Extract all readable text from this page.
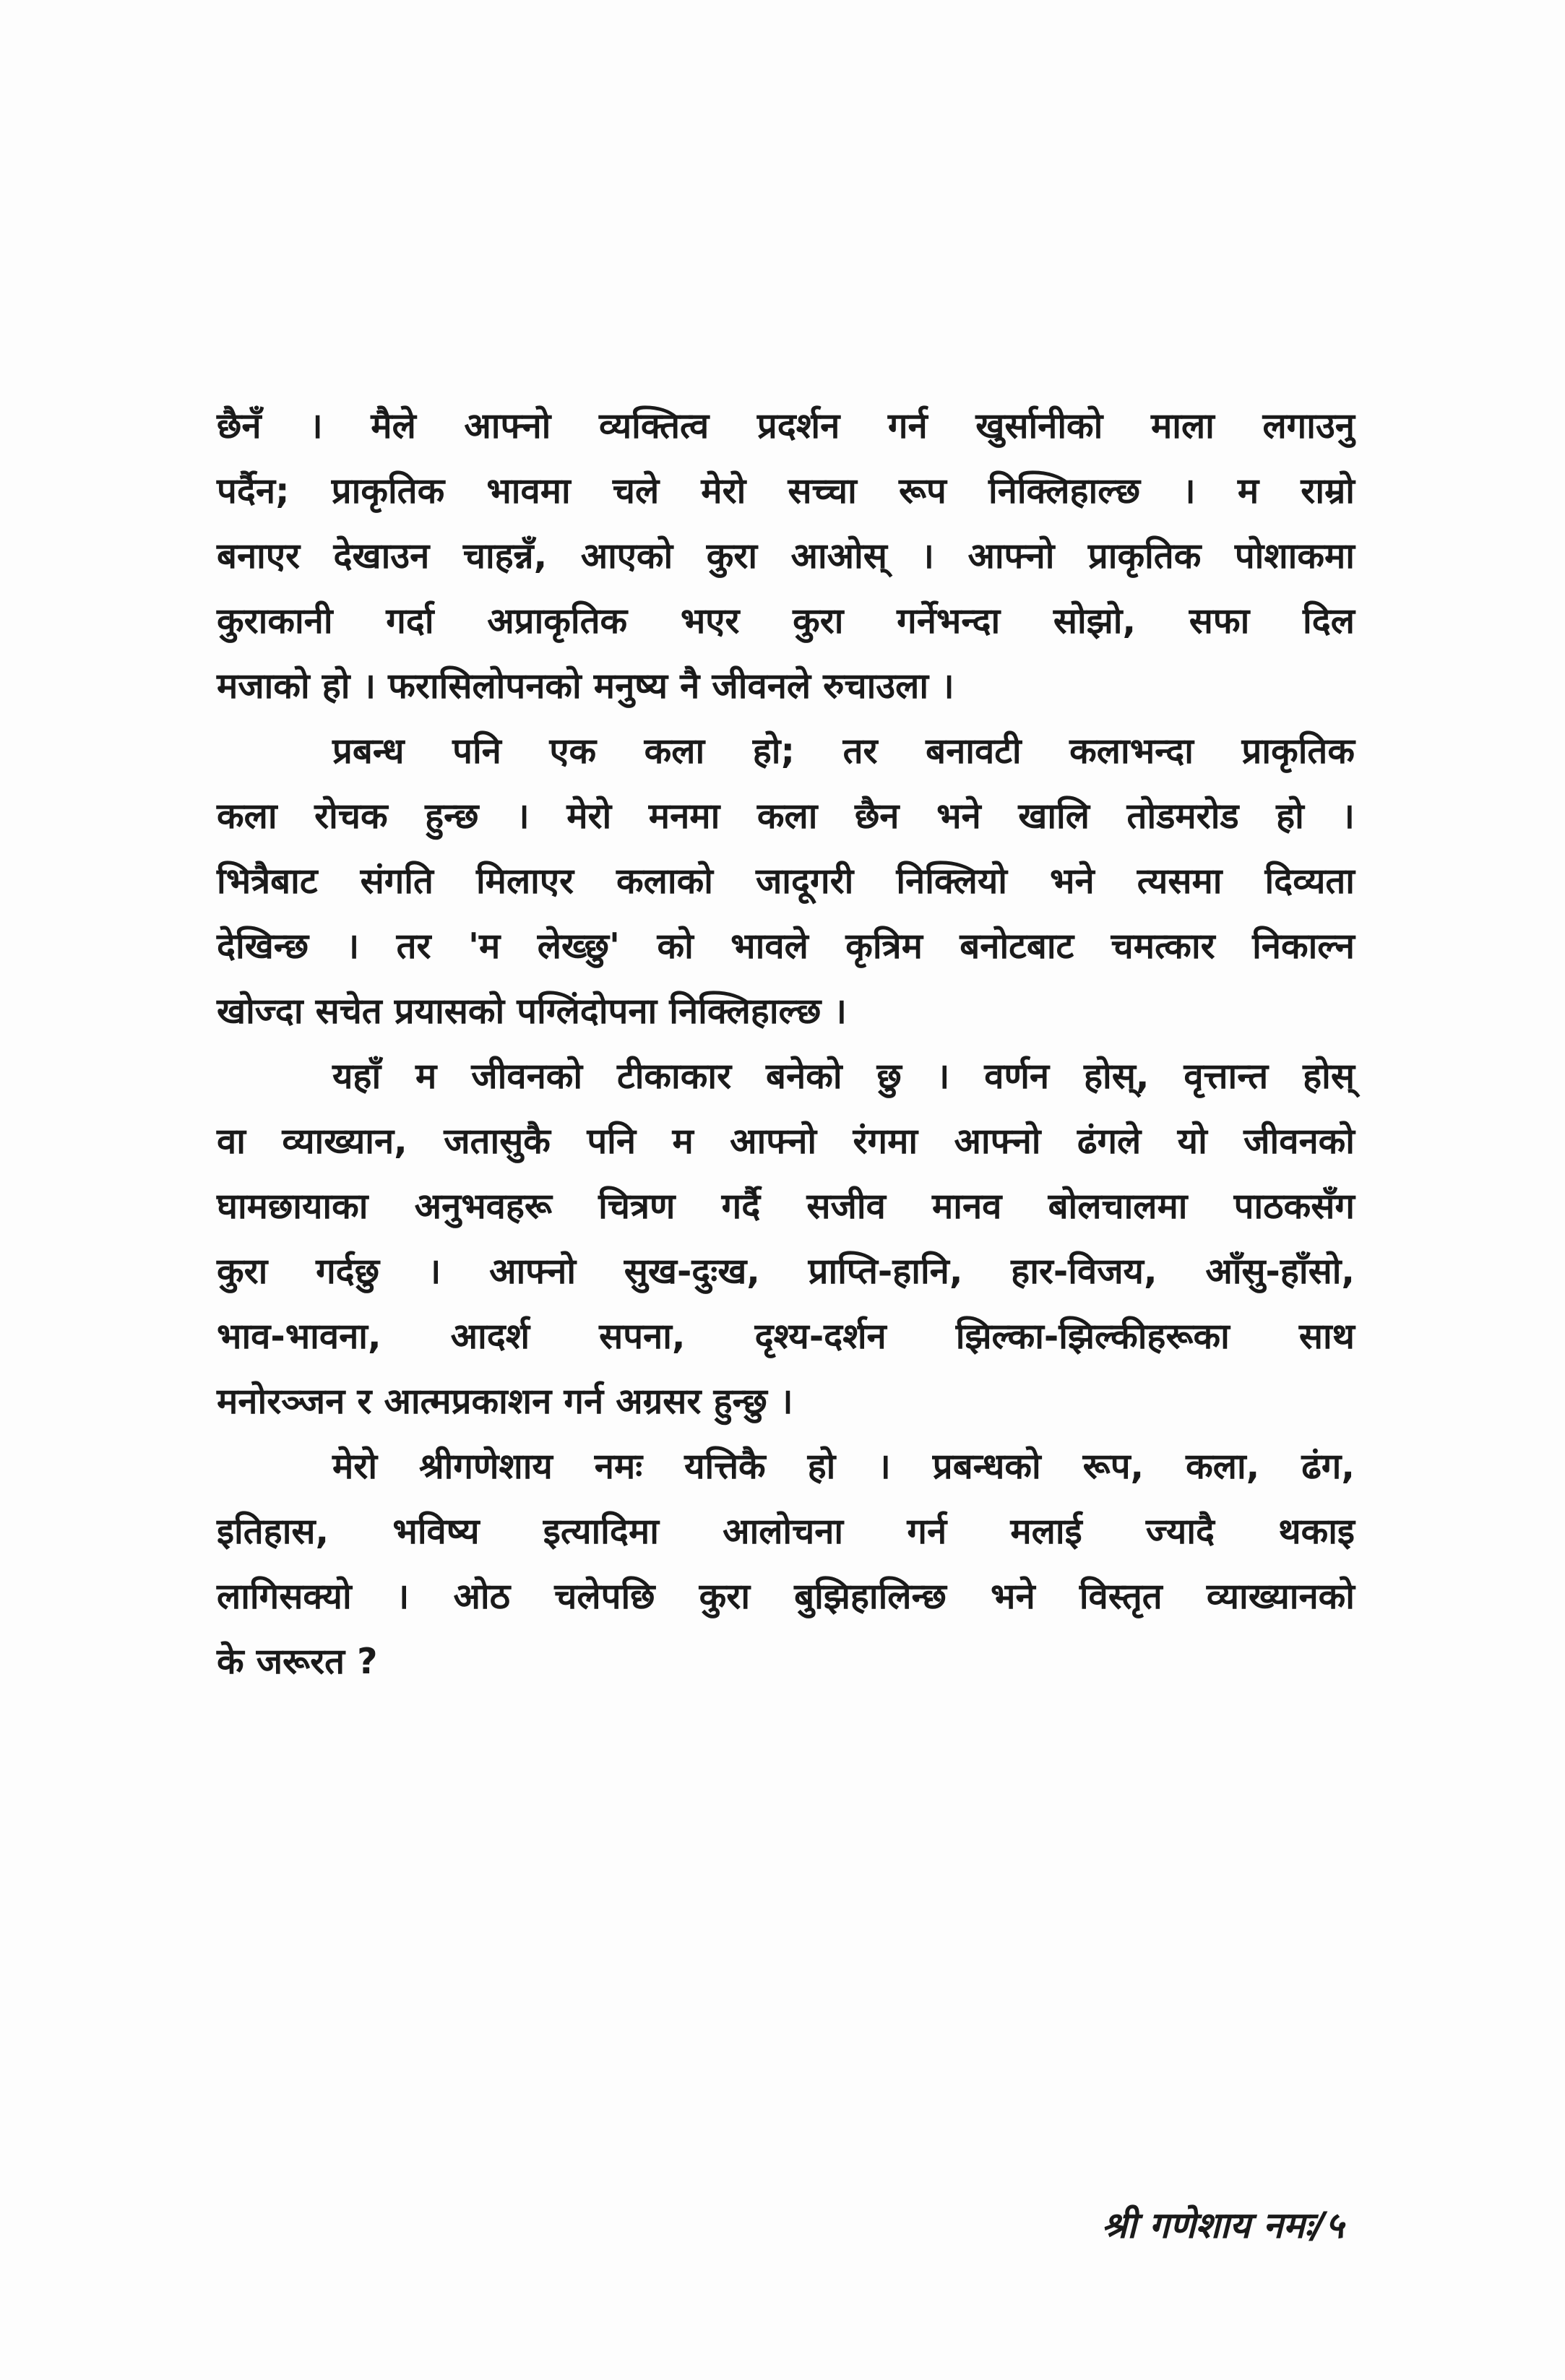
छैनँ । मैले आफ्नो व्यक्तित्व प्रदर्शन गर्न खुर्सानीको माला लगाउनु
पर्दैन; प्राकृतिक भावमा चले मेरो सच्चा रूप निक्लिहाल्छ । म राम्रो
बनाएर देखाउन चाहन्नँ, आएको कुरा आओस् । आफ्नो प्राकृतिक पोशाकमा
कुराकानी गर्दा अप्राकृतिक भएर कुरा गर्नेभन्दा सोझो, सफा दिल
मजाको हो । फरासिलोपनको मनुष्य नै जीवनले रुचाउला ।
प्रबन्ध पनि एक कला हो; तर बनावटी कलाभन्दा प्राकृतिक
कला रोचक हुन्छ । मेरो मनमा कला छैन भने खालि तोडमरोड हो ।
भित्रैबाट संगति मिलाएर कलाको जादूगरी निक्लियो भने त्यसमा दिव्यता
देखिन्छ । तर 'म लेख्छु' को भावले कृत्रिम बनोटबाट चमत्कार निकाल्न
खोज्दा सचेत प्रयासको पग्लिंदोपना निक्लिहाल्छ ।
यहाँ म जीवनको टीकाकार बनेको छु । वर्णन होस्, वृत्तान्त होस्
वा व्याख्यान, जतासुकै पनि म आफ्नो रंगमा आफ्नो ढंगले यो जीवनको
घामछायाका अनुभवहरू चित्रण गर्दै सजीव मानव बोलचालमा पाठकसँग
कुरा गर्दछु । आफ्नो सुख-दुःख, प्राप्ति-हानि, हार-विजय, आँसु-हाँसो,
भाव-भावना, आदर्श सपना, दृश्य-दर्शन झिल्का-झिल्कीहरूका साथ
मनोरञ्जन र आत्मप्रकाशन गर्न अग्रसर हुन्छु ।
मेरो श्रीगणेशाय नमः यत्तिकै हो । प्रबन्धको रूप, कला, ढंग,
इतिहास, भविष्य इत्यादिमा आलोचना गर्न मलाई ज्यादै थकाइ
लागिसक्यो । ओठ चलेपछि कुरा बुझिहालिन्छ भने विस्तृत व्याख्यानको
के जरूरत ?
श्री गणेशाय नमः/५
